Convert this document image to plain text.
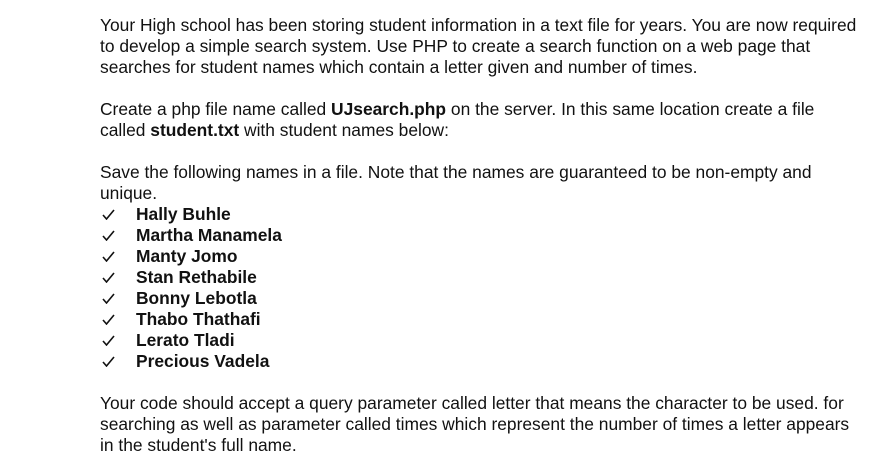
Your High school has been storing student information in a text file for years. You are now required to develop a simple search system. Use PHP to create a search function on a web page that searches for student names which contain a letter given and number of times.

Create a php file name called UJsearch.php on the server. In this same location create a file called student.txt with student names below:

Save the following names in a file. Note that the names are guaranteed to be non-empty and unique.

Hally Buhle
Martha Manamela
Manty Jomo
Stan Rethabile
Bonny Lebotla
Thabo Thathafi
Lerato Tladi
Precious Vadela

Your code should accept a query parameter called letter that means the character to be used. for searching as well as parameter called times which represent the number of times a letter appears in the student's full name.
